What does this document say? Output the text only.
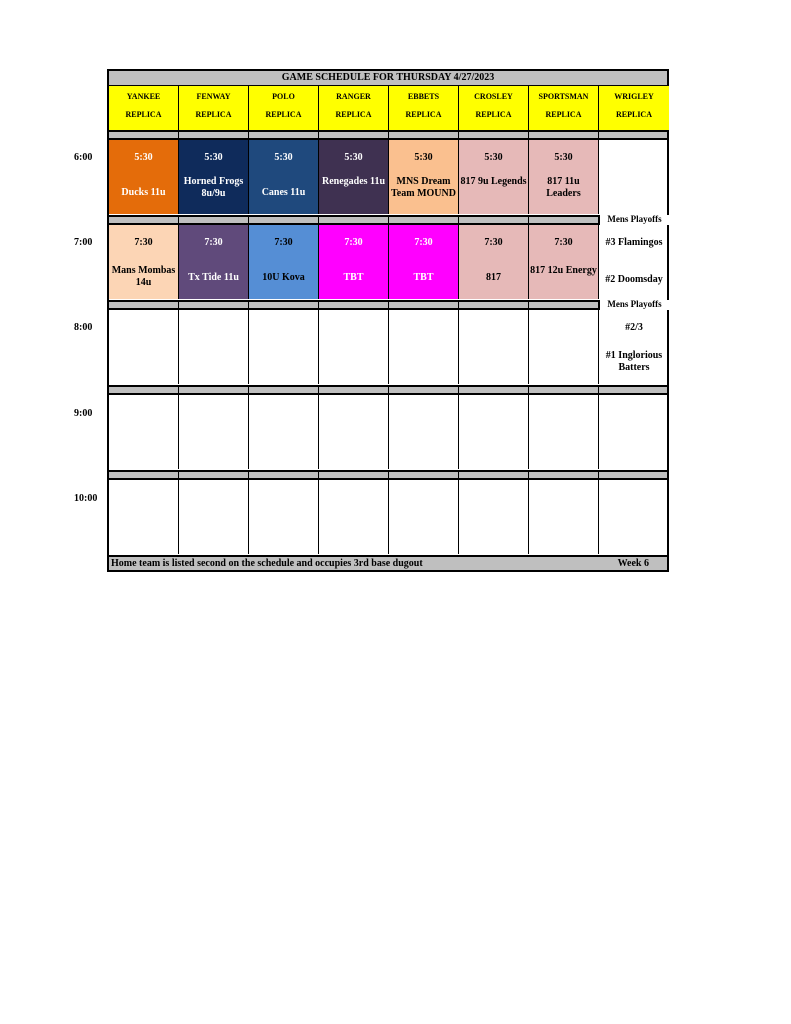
6:00
7:00
8:00
9:00
10:00
GAME SCHEDULE FOR THURSDAY 4/27/2023
YANKEE
REPLICA
FENWAY
REPLICA
POLO
REPLICA
RANGER
REPLICA
EBBETS
REPLICA
CROSLEY
REPLICA
SPORTSMAN
REPLICA
WRIGLEY
REPLICA
5:30
Ducks 11u
5:30
Horned Frogs 8u/9u
5:30
Canes 11u
5:30
Renegades 11u
5:30
MNS Dream Team MOUND
5:30
817 9u Legends
5:30
817 11u Leaders
7:30
Mans Mombas 14u
7:30
Tx Tide 11u
7:30
10U Kova
7:30
TBT
7:30
TBT
7:30
817
7:30
817 12u Energy
Mens Playoffs
#3 Flamingos
#2 Doomsday
Mens Playoffs
#2/3
#1 Inglorious Batters
Home team is listed second on the schedule and occupies 3rd base dugout	Week 6
